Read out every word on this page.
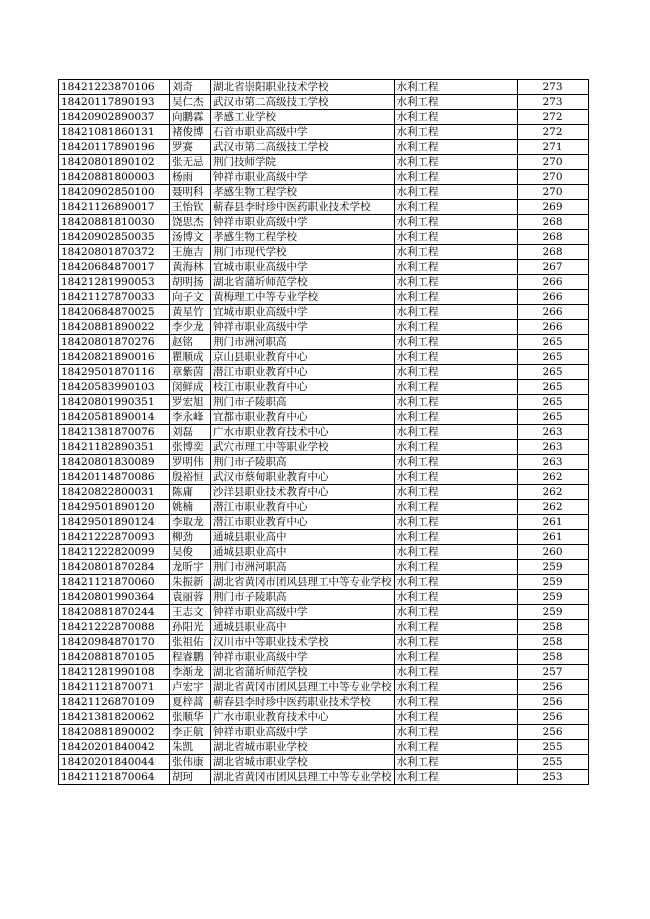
18421223870106	刘奇	湖北省崇阳职业技术学校	水利工程	273
18420117890193	吴仁杰	武汉市第二高级技工学校	水利工程	273
18420902890037	向鹏霖	孝感工业学校	水利工程	272
18421081860131	褚俊博	石首市职业高级中学	水利工程	272
18420117890196	罗赛	武汉市第二高级技工学校	水利工程	271
18420801890102	张无忌	荆门技师学院	水利工程	270
18420881800003	杨雨	钟祥市职业高级中学	水利工程	270
18420902850100	聂明科	孝感生物工程学校	水利工程	270
18421126890017	王怡钦	蕲春县李时珍中医药职业技术学校	水利工程	269
18420881810030	饶思杰	钟祥市职业高级中学	水利工程	268
18420902850035	汤博文	孝感生物工程学校	水利工程	268
18420801870372	王施吉	荆门市现代学校	水利工程	268
18420684870017	黄海林	宜城市职业高级中学	水利工程	267
18421281990053	胡明扬	湖北省蒲圻师范学校	水利工程	266
18421127870033	向子文	黄梅理工中等专业学校	水利工程	266
18420684870025	黄星竹	宜城市职业高级中学	水利工程	266
18420881890022	李少龙	钟祥市职业高级中学	水利工程	266
18420801870276	赵铭	荆门市洲河职高	水利工程	265
18420821890016	瞿顺成	京山县职业教育中心	水利工程	265
18429501870116	章紫茵	潜江市职业教育中心	水利工程	265
18420583990103	闵鲜成	枝江市职业教育中心	水利工程	265
18420801990351	罗宏旭	荆门市子陵职高	水利工程	265
18420581890014	李永峰	宜都市职业教育中心	水利工程	265
18421381870076	刘磊	广水市职业教育技术中心	水利工程	263
18421182890351	张博奕	武穴市理工中等职业学校	水利工程	263
18420801830089	罗明伟	荆门市子陵职高	水利工程	263
18420114870086	殷裕恒	武汉市蔡甸职业教育中心	水利工程	262
18420822800031	陈庸	沙洋县职业技术教育中心	水利工程	262
18429501890120	姚楠	潜江市职业教育中心	水利工程	262
18429501890124	李取龙	潜江市职业教育中心	水利工程	261
18421222870093	柳劲	通城县职业高中	水利工程	261
18421222820099	吴俊	通城县职业高中	水利工程	260
18420801870284	龙昕宇	荆门市洲河职高	水利工程	259
18421121870060	朱振新	湖北省黄冈市团风县理工中等专业学校	水利工程	259
18420801990364	袁丽蓉	荆门市子陵职高	水利工程	259
18420881870244	王志文	钟祥市职业高级中学	水利工程	259
18421222870088	孙阳光	通城县职业高中	水利工程	258
18420984870170	张祖佑	汉川市中等职业技术学校	水利工程	258
18420881870105	程睿鹏	钟祥市职业高级中学	水利工程	258
18421281990108	李渐龙	湖北省蒲圻师范学校	水利工程	257
18421121870071	卢宏宇	湖北省黄冈市团风县理工中等专业学校	水利工程	256
18421126870109	夏梓蒿	蕲春县李时珍中医药职业技术学校	水利工程	256
18421381820062	张顺华	广水市职业教育技术中心	水利工程	256
18420881890002	李正航	钟祥市职业高级中学	水利工程	256
18420201840042	朱凯	湖北省城市职业学校	水利工程	255
18420201840044	张伟康	湖北省城市职业学校	水利工程	255
18421121870064	胡珂	湖北省黄冈市团风县理工中等专业学校	水利工程	253
